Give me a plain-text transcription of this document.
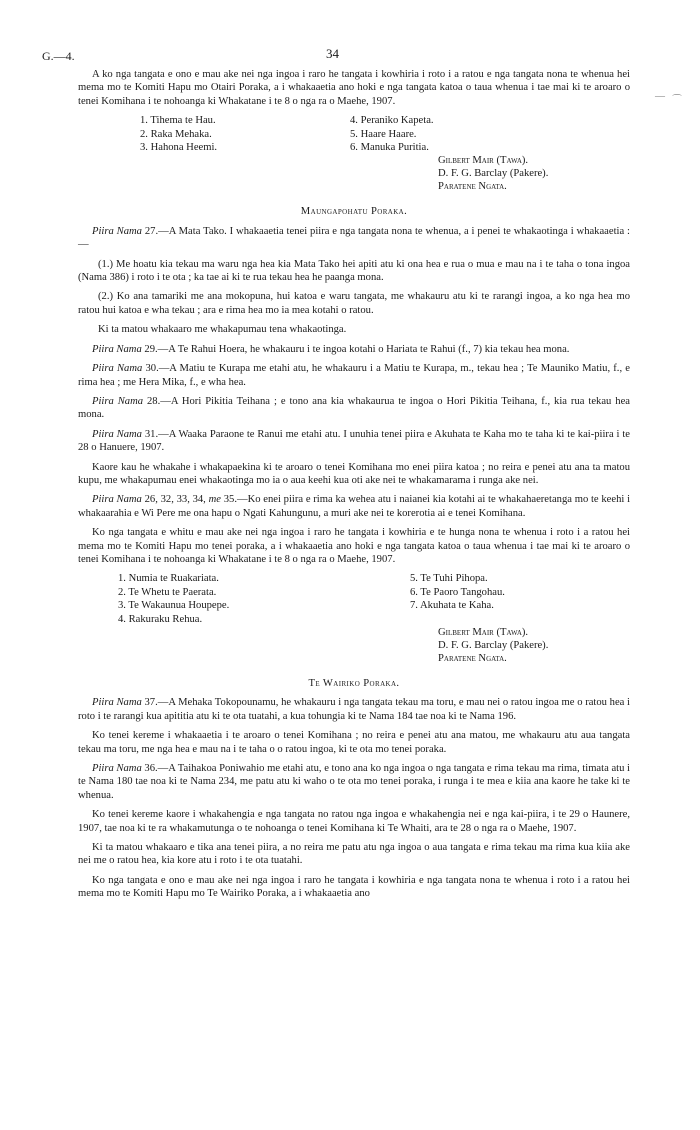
G.—4.	34
— ⌒

A ko nga tangata e ono e mau ake nei nga ingoa i raro he tangata i kowhiria i roto i a ratou e nga tangata nona te whenua hei mema mo te Komiti Hapu mo Otairi Poraka, a i whakaaetia ano hoki e nga tangata katoa o taua whenua i tae mai ki te aroaro o tenei Komihana i te nohoanga ki Whakatane i te 8 o nga ra o Maehe, 1907.

1. Tihema te Hau.
2. Raka Mehaka.
3. Hahona Heemi.
4. Peraniko Kapeta.
5. Haare Haare.
6. Manuka Puritia.
Gilbert Mair (Tawa).
D. F. G. Barclay (Pakere).
Paratene Ngata.
Maungapohatu Poraka.

Piira Nama 27.—A Mata Tako. I whakaaetia tenei piira e nga tangata nona te whenua, a i penei te whakaotinga i whakaaetia :—

(1.) Me hoatu kia tekau ma waru nga hea kia Mata Tako hei apiti atu ki ona hea e rua o mua e mau na i te taha o tona ingoa (Nama 386) i roto i te ota ; ka tae ai ki te rua tekau hea he paanga mona.

(2.) Ko ana tamariki me ana mokopuna, hui katoa e waru tangata, me whakauru atu ki te rarangi ingoa, a ko nga hea mo ratou hui katoa e wha tekau ; ara e rima hea mo ia mea kotahi o ratou.

Ki ta matou whakaaro me whakapumau tena whakaotinga.

Piira Nama 29.—A Te Rahui Hoera, he whakauru i te ingoa kotahi o Hariata te Rahui (f., 7) kia tekau hea mona.

Piira Nama 30.—A Matiu te Kurapa me etahi atu, he whakauru i a Matiu te Kurapa, m., tekau hea ; Te Mauniko Matiu, f., e rima hea ; me Hera Mika, f., e wha hea.

Piira Nama 28.—A Hori Pikitia Teihana ; e tono ana kia whakaurua te ingoa o Hori Pikitia Teihana, f., kia rua tekau hea mona.

Piira Nama 31.—A Waaka Paraone te Ranui me etahi atu. I unuhia tenei piira e Akuhata te Kaha mo te taha ki te kai-piira i te 28 o Hanuere, 1907.

Kaore kau he whakahe i whakapaekina ki te aroaro o tenei Komihana mo enei piira katoa ; no reira e penei atu ana ta matou kupu, me whakapumau enei whakaotinga mo ia o aua keehi kua oti ake nei te whakamarama i runga ake nei.

Piira Nama 26, 32, 33, 34, me 35.—Ko enei piira e rima ka wehea atu i naianei kia kotahi ai te whakahaeretanga mo te keehi i whakaarahia e Wi Pere me ona hapu o Ngati Kahungunu, a muri ake nei te korerotia ai e tenei Komihana.

Ko nga tangata e whitu e mau ake nei nga ingoa i raro he tangata i kowhiria e te hunga nona te whenua i roto i a ratou hei mema mo te Komiti Hapu mo tenei poraka, a i whakaaetia ano hoki e nga tangata katoa o taua whenua i tae mai ki te aroaro o tenei Komihana i te nohoanga ki Whakatane i te 8 o nga ra o Maehe, 1907.

1. Numia te Ruakariata.
2. Te Whetu te Paerata.
3. Te Wakaunua Houpepe.
4. Rakuraku Rehua.
5. Te Tuhi Pihopa.
6. Te Paoro Tangohau.
7. Akuhata te Kaha.
Gilbert Mair (Tawa).
D. F. G. Barclay (Pakere).
Paratene Ngata.
Te Wairiko Poraka.

Piira Nama 37.—A Mehaka Tokopounamu, he whakauru i nga tangata tekau ma toru, e mau nei o ratou ingoa me o ratou hea i roto i te rarangi kua apititia atu ki te ota tuatahi, a kua tohungia ki te Nama 184 tae noa ki te Nama 196.

Ko tenei kereme i whakaaetia i te aroaro o tenei Komihana ; no reira e penei atu ana matou, me whakauru atu aua tangata tekau ma toru, me nga hea e mau na i te taha o o ratou ingoa, ki te ota mo tenei poraka.

Piira Nama 36.—A Taihakoa Poniwahio me etahi atu, e tono ana ko nga ingoa o nga tangata e rima tekau ma rima, timata atu i te Nama 180 tae noa ki te Nama 234, me patu atu ki waho o te ota mo tenei poraka, i runga i te mea e kiia ana kaore he take ki te whenua.

Ko tenei kereme kaore i whakahengia e nga tangata no ratou nga ingoa e whakahengia nei e nga kai-piira, i te 29 o Haunere, 1907, tae noa ki te ra whakamutunga o te nohoanga o tenei Komihana ki Te Whaiti, ara te 28 o nga ra o Maehe, 1907.

Ki ta matou whakaaro e tika ana tenei piira, a no reira me patu atu nga ingoa o aua tangata e rima tekau ma rima kua kiia ake nei me o ratou hea, kia kore atu i roto i te ota tuatahi.

Ko nga tangata e ono e mau ake nei nga ingoa i raro he tangata i kowhiria e nga tangata nona te whenua i roto i a ratou hei mema mo te Komiti Hapu mo Te Wairiko Poraka, a i whakaaetia ano
